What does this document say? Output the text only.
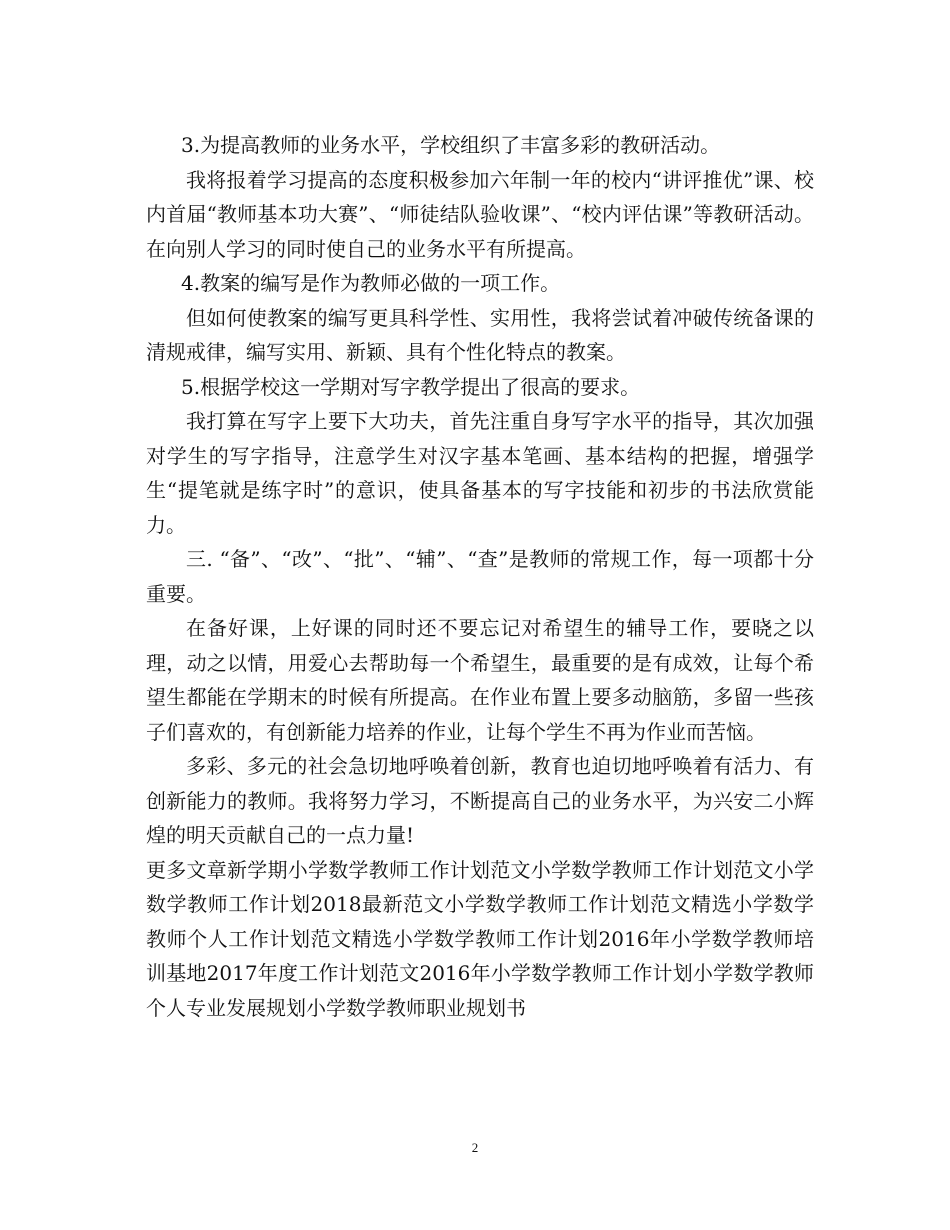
3.为提高教师的业务水平，学校组织了丰富多彩的教研活动。

我将报着学习提高的态度积极参加六年制一年的校内“讲评推优”课、校内首届“教师基本功大赛”、“师徒结队验收课”、“校内评估课”等教研活动。在向别人学习的同时使自己的业务水平有所提高。

4.教案的编写是作为教师必做的一项工作。

但如何使教案的编写更具科学性、实用性，我将尝试着冲破传统备课的清规戒律，编写实用、新颖、具有个性化特点的教案。

5.根据学校这一学期对写字教学提出了很高的要求。

我打算在写字上要下大功夫，首先注重自身写字水平的指导，其次加强对学生的写字指导，注意学生对汉字基本笔画、基本结构的把握，增强学生“提笔就是练字时”的意识，使具备基本的写字技能和初步的书法欣赏能力。

三. “备”、“改”、“批”、“辅”、“查”是教师的常规工作，每一项都十分重要。

在备好课，上好课的同时还不要忘记对希望生的辅导工作，要晓之以理，动之以情，用爱心去帮助每一个希望生，最重要的是有成效，让每个希望生都能在学期末的时候有所提高。在作业布置上要多动脑筋，多留一些孩子们喜欢的，有创新能力培养的作业，让每个学生不再为作业而苦恼。

多彩、多元的社会急切地呼唤着创新，教育也迫切地呼唤着有活力、有创新能力的教师。我将努力学习，不断提高自己的业务水平，为兴安二小辉煌的明天贡献自己的一点力量!

更多文章新学期小学数学教师工作计划范文小学数学教师工作计划范文小学数学教师工作计划2018最新范文小学数学教师工作计划范文精选小学数学教师个人工作计划范文精选小学数学教师工作计划2016年小学数学教师培训基地2017年度工作计划范文2016年小学数学教师工作计划小学数学教师个人专业发展规划小学数学教师职业规划书

2
